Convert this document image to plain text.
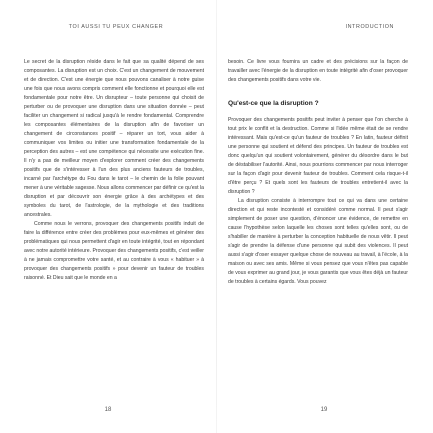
TOI AUSSI TU PEUX CHANGER

Le secret de la disruption réside dans le fait que sa qualité dépend de ses composantes. La disruption est un choix. C'est un changement de mouvement et de direction. C'est une énergie que nous pouvons canaliser à notre guise une fois que nous avons compris comment elle fonctionne et pourquoi elle est fondamentale pour notre être. Un disrupteur – toute personne qui choisit de perturber ou de provoquer une disruption dans une situation donnée – peut faciliter un changement si radical jusqu'à le rendre fondamental. Comprendre les composantes élémentaires de la disruption afin de favoriser un changement de circonstances positif – réparer un tort, vous aider à communiquer vos limites ou initier une transformation fondamentale de la perception des autres – est une compétence qui nécessite une exécution fine. Il n'y a pas de meilleur moyen d'explorer comment créer des changements positifs que de s'intéresser à l'un des plus anciens fauteurs de troubles, incarné par l'archétype du Fou dans le tarot – le chemin de la folie pouvant mener à une véritable sagesse. Nous allons commencer par définir ce qu'est la disruption et par découvrir son énergie grâce à des archétypes et des symboles du tarot, de l'astrologie, de la mythologie et des traditions ancestrales.

Comme nous le verrons, provoquer des changements positifs induit de faire la différence entre créer des problèmes pour eux-mêmes et générer des problématiques qui nous permettent d'agir en toute intégrité, tout en répondant avec notre autorité intérieure. Provoquer des changements positifs, c'est veiller à ne jamais compromettre votre santé, et au contraire à vous « habituer » à provoquer des changements positifs » pour devenir un fauteur de troubles raisonné. Et Dieu sait que le monde en a

18
INTRODUCTION

besoin. Ce livre vous fournira un cadre et des précisions sur la façon de travailler avec l'énergie de la disruption en toute intégrité afin d'oser provoquer des changements positifs dans votre vie.

Qu'est-ce que la disruption ?

Provoquer des changements positifs peut inviter à penser que l'on cherche à tout prix le conflit et la destruction. Comme si l'idée même était de se rendre intéressant. Mais qu'est-ce qu'un fauteur de troubles ? En latin, fauteur définit une personne qui soutient et défend des principes. Un fauteur de troubles est donc quelqu'un qui soutient volontairement, générer du désordre dans le but de déstabiliser l'autorité. Ainsi, nous pourrions commencer par nous interroger sur la façon d'agir pour devenir fauteur de troubles. Comment cela risque-t-il d'être perçu ? Et quels sont les fauteurs de troubles entretient-il avec la disruption ?

La disruption consiste à interrompre tout ce qui va dans une certaine direction et qui reste incontesté et considéré comme normal. Il peut s'agir simplement de poser une question, d'énoncer une évidence, de remettre en cause l'hypothèse selon laquelle les choses sont telles qu'elles sont, ou de s'habiller de manière à perturber la conception habituelle de nous vêtir. Il peut s'agir de prendre la défense d'une personne qui subit des violences. Il peut aussi s'agir d'oser essayer quelque chose de nouveau au travail, à l'école, à la maison ou avec ses amis. Même si vous pensez que vous n'êtes pas capable de vous exprimer au grand jour, je vous garantis que vous êtes déjà un fauteur de troubles à certains égards. Vous pouvez

19
